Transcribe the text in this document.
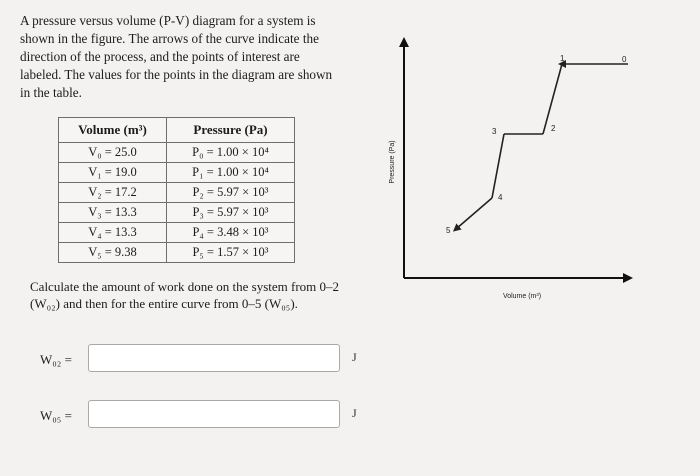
A pressure versus volume (P-V) diagram for a system is

shown in the figure. The arrows of the curve indicate the

direction of the process, and the points of interest are

labeled. The values for the points in the diagram are shown

in the table.

Volume (m³)	Pressure (Pa)
V₀ = 25.0	P₀ = 1.00 × 10⁴
V₁ = 19.0	P₁ = 1.00 × 10⁴
V₂ = 17.2	P₂ = 5.97 × 10³
V₃ = 13.3	P₃ = 5.97 × 10³
V₄ = 13.3	P₄ = 3.48 × 10³
V₅ = 9.38	P₅ = 1.57 × 10³

Calculate the amount of work done on the system from 0–2

(W₀₂) and then for the entire curve from 0–5 (W₀₅).

W₀₂ =	J
W₀₅ =	J
Pressure (Pa)
Volume (m³)
0
1
2
3
4
5
